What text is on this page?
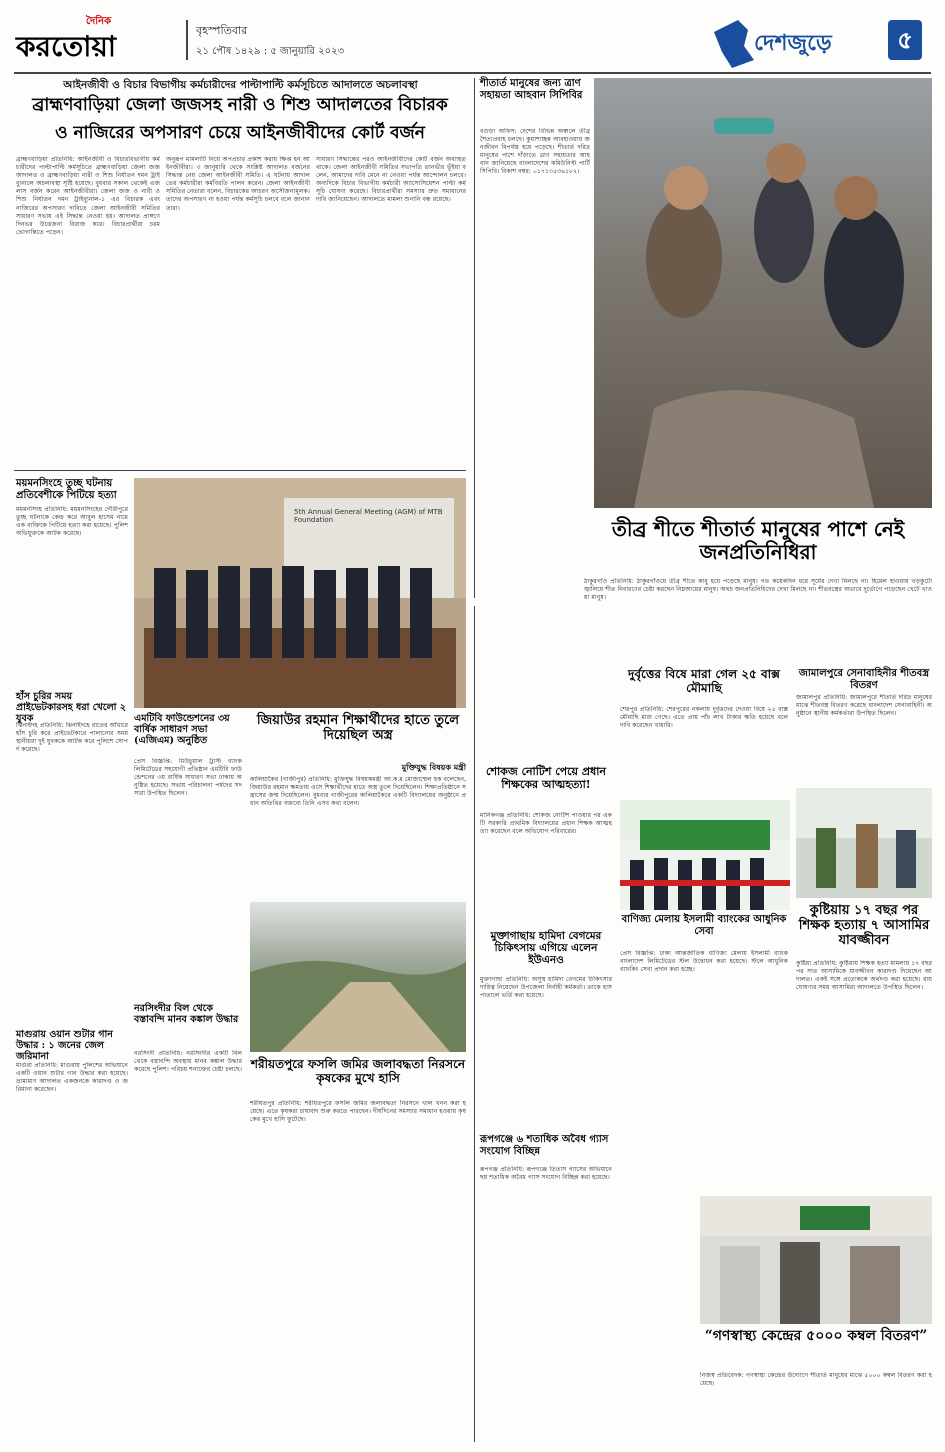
দৈনিক
করতোয়া	বৃহস্পতিবার
২১ পৌষ ১৪২৯ : ৫ জানুয়ারি ২০২৩	দেশজুড়ে	৫
আইনজীবী ও বিচার বিভাগীয় কর্মচারীদের পাল্টাপাল্টি কর্মসূচিতে আদালতে অচলাবস্থা
ব্রাহ্মণবাড়িয়া জেলা জজসহ নারী ও শিশু আদালতের বিচারক
ও নাজিরের অপসারণ চেয়ে আইনজীবীদের কোর্ট বর্জন
ব্রাহ্মণবাড়িয়া প্রতিনিধি: আইনজীবী ও বিচারবিভাগীয় কর্মচারীদের পাল্টাপাল্টি কর্মসূচিতে ব্রাহ্মণবাড়িয়া জেলা জজ আদালত ও ব্রাহ্মণবাড়িয়া নারী ও শিশু নির্যাতন দমন ট্রাইব্যুনালে অচলাবস্থা সৃষ্টি হয়েছে। বুধবার সকাল থেকেই এজলাস বর্জন করেন আইনজীবীরা। জেলা জজ ও নারী ও শিশু নির্যাতন দমন ট্রাইব্যুনাল-১ এর বিচারক এবং নাজিরের অপসারণ দাবিতে জেলা আইনজীবী সমিতির সাধারণ সভায় এই সিদ্ধান্ত নেওয়া হয়। আদালত প্রাঙ্গণে দিনভর উত্তেজনা বিরাজ করে। বিচারপ্রার্থীরা চরম ভোগান্তিতে পড়েন।
অনুরূপ মামলাটি নিয়ে অপপ্রচার প্রকাশ করায় ক্ষিপ্ত হন আইনজীবীরা। ৩ জানুয়ারি থেকে সংশ্লিষ্ট আদালত বর্জনের সিদ্ধান্ত নেয় জেলা আইনজীবী সমিতি। এ ঘটনায় আদালতের কর্মচারীরা কর্মবিরতি পালন করেন। জেলা আইনজীবী সমিতির নেতারা বলেন, বিচারকের আচরণ অসৌজন্যমূলক। তাদের অপসারণ না হওয়া পর্যন্ত কর্মসূচি চলবে বলে জানান তারা।
সাধারণ সিদ্ধান্তের পরও আইনজীবীদের কোর্ট বর্জন অব্যাহত থাকে। জেলা আইনজীবী সমিতির সভাপতি তানভীর ভূঁইয়া বলেন, আমাদের দাবি মেনে না নেওয়া পর্যন্ত আন্দোলন চলবে। অন্যদিকে বিচার বিভাগীয় কর্মচারী অ্যাসোসিয়েশন পাল্টা কর্মসূচি ঘোষণা করেছে। বিচারপ্রার্থীরা সমস্যার দ্রুত সমাধানের দাবি জানিয়েছেন। আদালতে মামলা শুনানি বন্ধ রয়েছে।
শীতার্ত মানুষের জন্য ত্রাণ সহায়তা আহবান সিপিবির
বগুড়া অফিস: দেশের বিভিন্ন অঞ্চলে তীব্র শৈত্যপ্রবাহ চলছে। কুয়াশাচ্ছন্ন আবহাওয়ায় জনজীবন বিপর্যস্ত হয়ে পড়েছে। শীতার্ত দরিদ্র মানুষের পাশে দাঁড়াতে ত্রাণ সহায়তার আহবান জানিয়েছে বাংলাদেশের কমিউনিস্ট পার্টি সিপিবি। বিকাশ নম্বর: ০১৭১৩৫৩৬১৮২।
তীব্র শীতে শীতার্ত মানুষের পাশে নেই জনপ্রতিনিধিরা
ঠাকুরগাঁও প্রতিনিধি: ঠাকুরগাঁওয়ে তীব্র শীতে কাবু হয়ে পড়েছে মানুষ। গত কয়েকদিন ধরে সূর্যের দেখা মিলছে না। হিমেল হাওয়ায় খড়কুটো জ্বালিয়ে শীত নিবারণের চেষ্টা করছেন নিম্নআয়ের মানুষ। অথচ জনপ্রতিনিধিদের দেখা মিলছে না। শীতবস্ত্রের অভাবে দুর্ভোগে পড়েছেন খেটে খাওয়া মানুষ।
ময়মনসিংহে তুচ্ছ ঘটনায় প্রতিবেশীকে পিটিয়ে হত্যা
ময়মনসিংহ প্রতিনিধি: ময়মনসিংহের গৌরীপুরে তুচ্ছ ঘটনাকে কেন্দ্র করে আবুল হাসেম নামে এক ব্যক্তিকে পিটিয়ে হত্যা করা হয়েছে। পুলিশ অভিযুক্তকে আটক করেছে।
হাঁস চুরির সময় প্রাইভেটকারসহ ধরা খেলো ২ যুবক
ঝিনাইদহ প্রতিনিধি: ঝিনাইদহে রাতের আঁধারে হাঁস চুরি করে প্রাইভেটকারে পালানোর সময় স্থানীয়রা দুই যুবককে আটক করে পুলিশে সোপর্দ করেছে।
মাগুরায় ওয়ান শুটার গান উদ্ধার : ১ জনের জেল জরিমানা
মাগুরা প্রতিনিধি: মাগুরায় পুলিশের অভিযানে একটি ওয়ান শুটার গান উদ্ধার করা হয়েছে। ভ্রাম্যমাণ আদালত একজনকে কারাদণ্ড ও জরিমানা করেছেন।
5th Annual General Meeting (AGM) of MTB Foundation
এমটিবি ফাউন্ডেশনের ৩য় বার্ষিক সাধারণ সভা (এজিএম) অনুষ্ঠিত
প্রেস বিজ্ঞপ্তি: মিউচুয়াল ট্রাস্ট ব্যাংক লিমিটেডের সহযোগী প্রতিষ্ঠান এমটিবি ফাউন্ডেশনের ৩য় বার্ষিক সাধারণ সভা ঢাকায় অনুষ্ঠিত হয়েছে। সভায় পরিচালনা পর্ষদের সদস্যরা উপস্থিত ছিলেন।
নরসিংদীর বিল থেকে বস্তাবন্দি মানব কঙ্কাল উদ্ধার
নরসিংদী প্রতিনিধি: নরসিংদীর একটি বিল থেকে বস্তাবন্দি অবস্থায় মানব কঙ্কাল উদ্ধার করেছে পুলিশ। পরিচয় শনাক্তের চেষ্টা চলছে।
জিয়াউর রহমান শিক্ষার্থীদের হাতে তুলে দিয়েছিল অস্ত্র
মুক্তিযুদ্ধ বিষয়ক মন্ত্রী
কালিয়াকৈর (গাজীপুর) প্রতিনিধি: মুক্তিযুদ্ধ বিষয়কমন্ত্রী আ.ক.ম মোজাম্মেল হক বলেছেন, জিয়াউর রহমান ক্ষমতায় এসে শিক্ষার্থীদের হাতে অস্ত্র তুলে দিয়েছিলেন। শিক্ষাপ্রতিষ্ঠানে সন্ত্রাসের জন্ম দিয়েছিলেন। বুধবার গাজীপুরের কালিয়াকৈরে একটি বিদ্যালয়ের অনুষ্ঠানে প্রধান অতিথির বক্তব্যে তিনি এসব কথা বলেন।
শরীয়তপুরে ফসলি জমির জলাবদ্ধতা নিরসনে কৃষকের মুখে হাসি
শরীয়তপুর প্রতিনিধি: শরীয়তপুরে ফসলি জমির জলাবদ্ধতা নিরসনে খাল খনন করা হয়েছে। এতে কৃষকরা চাষাবাদ শুরু করতে পারছেন। দীর্ঘদিনের সমস্যার সমাধান হওয়ায় কৃষকের মুখে হাসি ফুটেছে।
শোকজ নোটিশ পেয়ে প্রধান শিক্ষকের আত্মহত্যা!
মানিকগঞ্জ প্রতিনিধি: শোকজ নোটিশ পাওয়ার পর একটি সরকারি প্রাথমিক বিদ্যালয়ের প্রধান শিক্ষক আত্মহত্যা করেছেন বলে অভিযোগ পরিবারের।
মুক্তাগাছায় হামিদা বেগমের চিকিৎসায় এগিয়ে এলেন ইউএনও
মুক্তাগাছা প্রতিনিধি: অসুস্থ হামিদা বেগমের চিকিৎসার দায়িত্ব নিয়েছেন উপজেলা নির্বাহী কর্মকর্তা। তাকে হাসপাতালে ভর্তি করা হয়েছে।
রূপগঞ্জে ৬ শতাধিক অবৈধ গ্যাস সংযোগ বিচ্ছিন্ন
রূপগঞ্জ প্রতিনিধি: রূপগঞ্জে তিতাস গ্যাসের অভিযানে ছয় শতাধিক অবৈধ গ্যাস সংযোগ বিচ্ছিন্ন করা হয়েছে।
দুর্বৃত্তের বিষে মারা গেল ২৫ বাক্স মৌমাছি
শেরপুর প্রতিনিধি: শেরপুরের নকলায় দুর্বৃত্তদের দেওয়া বিষে ২৫ বাক্স মৌমাছি মারা গেছে। এতে প্রায় পাঁচ লাখ টাকার ক্ষতি হয়েছে বলে দাবি করেছেন খামারি।
জামালপুরে সেনাবাহিনীর শীতবস্ত্র বিতরণ
জামালপুর প্রতিনিধি: জামালপুরে শীতার্ত দরিদ্র মানুষের মাঝে শীতবস্ত্র বিতরণ করেছে বাংলাদেশ সেনাবাহিনী। অনুষ্ঠানে স্থানীয় কর্মকর্তারা উপস্থিত ছিলেন।
বাণিজ্য মেলায় ইসলামী ব্যাংকের আধুনিক সেবা
প্রেস বিজ্ঞপ্তি: ঢাকা আন্তর্জাতিক বাণিজ্য মেলায় ইসলামী ব্যাংক বাংলাদেশ লিমিটেডের স্টল উদ্বোধন করা হয়েছে। স্টলে আধুনিক ব্যাংকিং সেবা প্রদান করা হচ্ছে।
কুষ্টিয়ায় ১৭ বছর পর শিক্ষক হত্যায় ৭ আসামির যাবজ্জীবন
কুষ্টিয়া প্রতিনিধি: কুষ্টিয়ায় শিক্ষক হত্যা মামলায় ১৭ বছর পর সাত আসামিকে যাবজ্জীবন কারাদণ্ড দিয়েছেন আদালত। একই সঙ্গে প্রত্যেককে অর্থদণ্ড করা হয়েছে। রায় ঘোষণার সময় আসামিরা আদালতে উপস্থিত ছিলেন।
“গণস্বাস্থ্য কেন্দ্রের ৫০০০ কম্বল বিতরণ”
নিজস্ব প্রতিবেদক: গণস্বাস্থ্য কেন্দ্রের উদ্যোগে শীতার্ত মানুষের মাঝে ৫০০০ কম্বল বিতরণ করা হয়েছে।
